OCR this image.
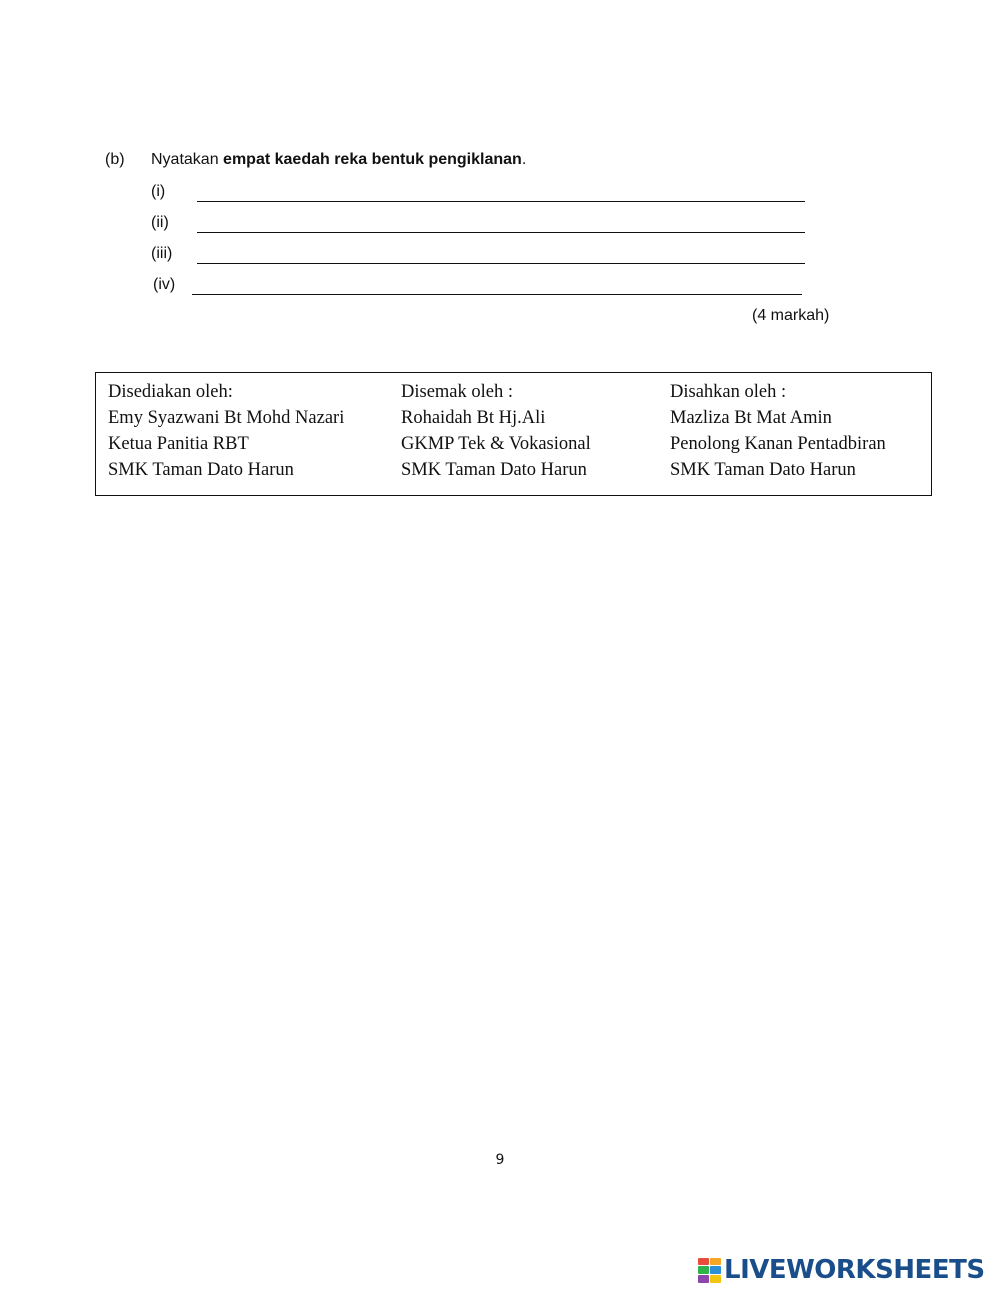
(b) Nyatakan empat kaedah reka bentuk pengiklanan.
(i)
(ii)
(iii)
(iv)
(4 markah)
Disediakan oleh:
Emy Syazwani Bt Mohd Nazari
Ketua Panitia RBT
SMK Taman Dato Harun
Disemak oleh :
Rohaidah Bt Hj.Ali
GKMP Tek & Vokasional
SMK Taman Dato Harun
Disahkan oleh :
Mazliza Bt Mat Amin
Penolong Kanan Pentadbiran
SMK Taman Dato Harun
9
LIVEWORKSHEETS
